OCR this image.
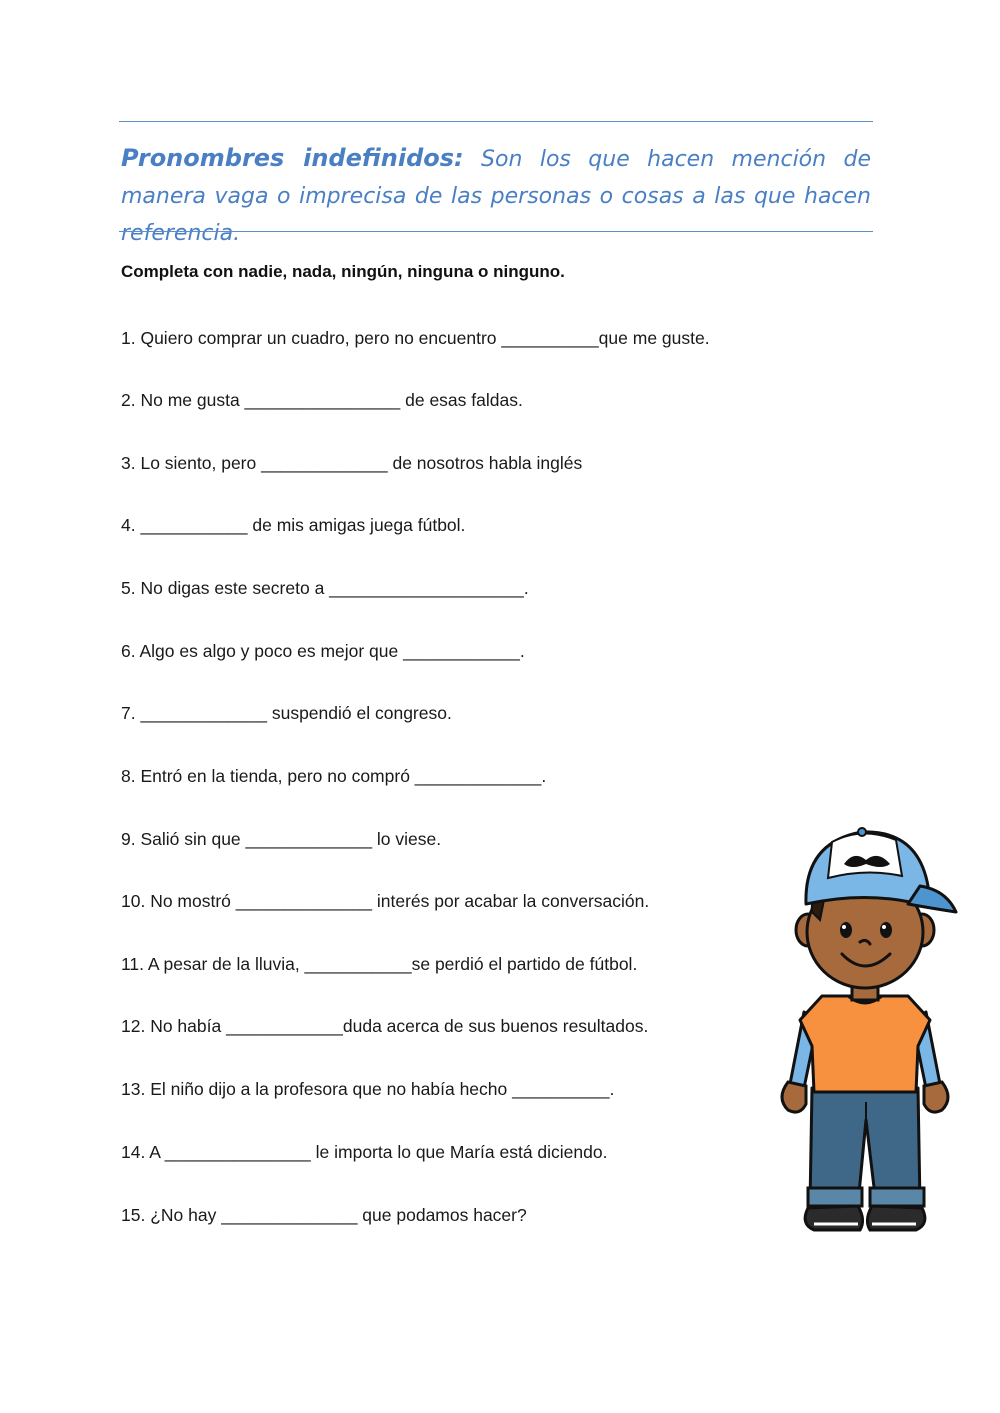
Pronombres indefinidos: Son los que hacen mención de manera vaga o imprecisa de las personas o cosas a las que hacen referencia.

Completa con nadie, nada, ningún, ninguna o ninguno.

1. Quiero comprar un cuadro, pero no encuentro __________que me guste.

2. No me gusta ________________ de esas faldas.

3. Lo siento, pero _____________ de nosotros habla inglés

4. ___________ de mis amigas juega fútbol.

5. No digas este secreto a ____________________.

6. Algo es algo y poco es mejor que ____________.

7. _____________ suspendió el congreso.

8. Entró en la tienda, pero no compró _____________.

9. Salió sin que _____________ lo viese.

10. No mostró ______________ interés por acabar la conversación.

11. A pesar de la lluvia, ___________se perdió el partido de fútbol.

12. No había ____________duda acerca de sus buenos resultados.

13. El niño dijo a la profesora que no había hecho __________.

14. A _______________ le importa lo que María está diciendo.

15. ¿No hay ______________ que podamos hacer?
